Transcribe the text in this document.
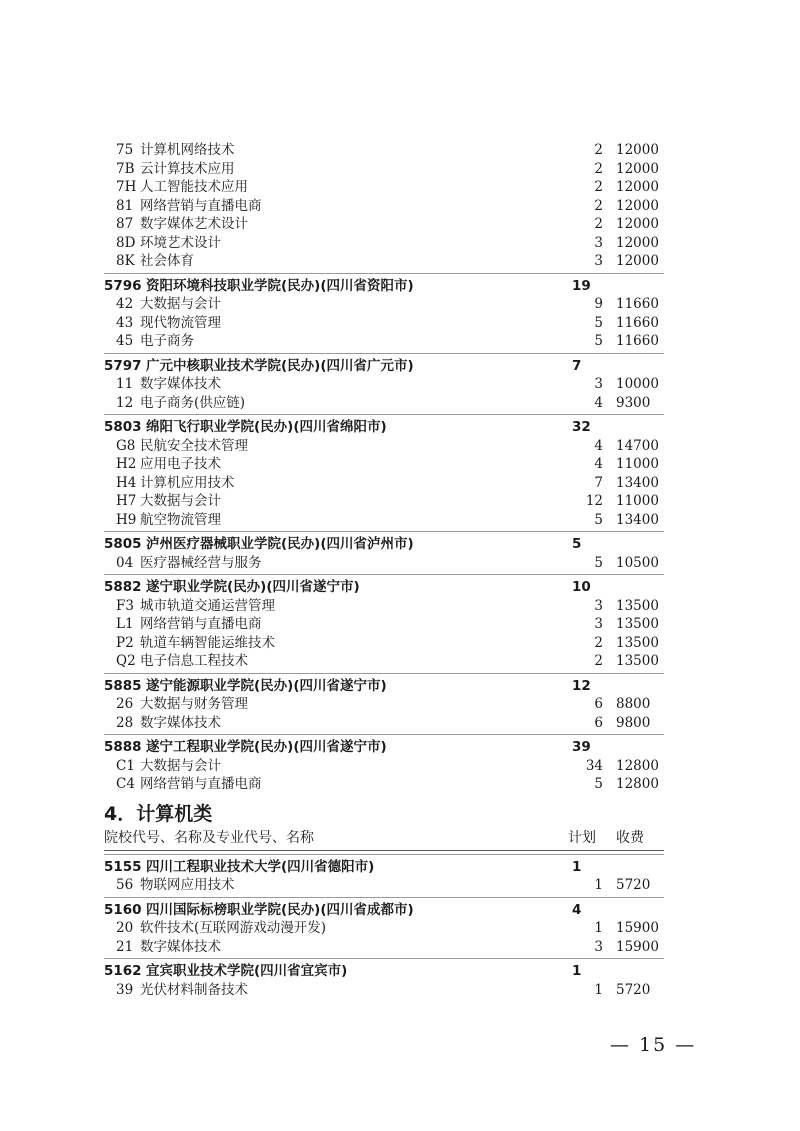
75 计算机网络技术	2 12000
7B 云计算技术应用	2 12000
7H 人工智能技术应用	2 12000
81 网络营销与直播电商	2 12000
87 数字媒体艺术设计	2 12000
8D 环境艺术设计	3 12000
8K 社会体育	3 12000
5796 资阳环境科技职业学院(民办)(四川省资阳市)	19
42 大数据与会计	9 11660
43 现代物流管理	5 11660
45 电子商务	5 11660
5797 广元中核职业技术学院(民办)(四川省广元市)	7
11 数字媒体技术	3 10000
12 电子商务(供应链)	4 9300
5803 绵阳飞行职业学院(民办)(四川省绵阳市)	32
G8 民航安全技术管理	4 14700
H2 应用电子技术	4 11000
H4 计算机应用技术	7 13400
H7 大数据与会计	12 11000
H9 航空物流管理	5 13400
5805 泸州医疗器械职业学院(民办)(四川省泸州市)	5
04 医疗器械经营与服务	5 10500
5882 遂宁职业学院(民办)(四川省遂宁市)	10
F3 城市轨道交通运营管理	3 13500
L1 网络营销与直播电商	3 13500
P2 轨道车辆智能运维技术	2 13500
Q2 电子信息工程技术	2 13500
5885 遂宁能源职业学院(民办)(四川省遂宁市)	12
26 大数据与财务管理	6 8800
28 数字媒体技术	6 9800
5888 遂宁工程职业学院(民办)(四川省遂宁市)	39
C1 大数据与会计	34 12800
C4 网络营销与直播电商	5 12800
4．计算机类
院校代号、名称及专业代号、名称	计划 收费
5155 四川工程职业技术大学(四川省德阳市)	1
56 物联网应用技术	1 5720
5160 四川国际标榜职业学院(民办)(四川省成都市)	4
20 软件技术(互联网游戏动漫开发)	1 15900
21 数字媒体技术	3 15900
5162 宜宾职业技术学院(四川省宜宾市)	1
39 光伏材料制备技术	1 5720
— 15 —
